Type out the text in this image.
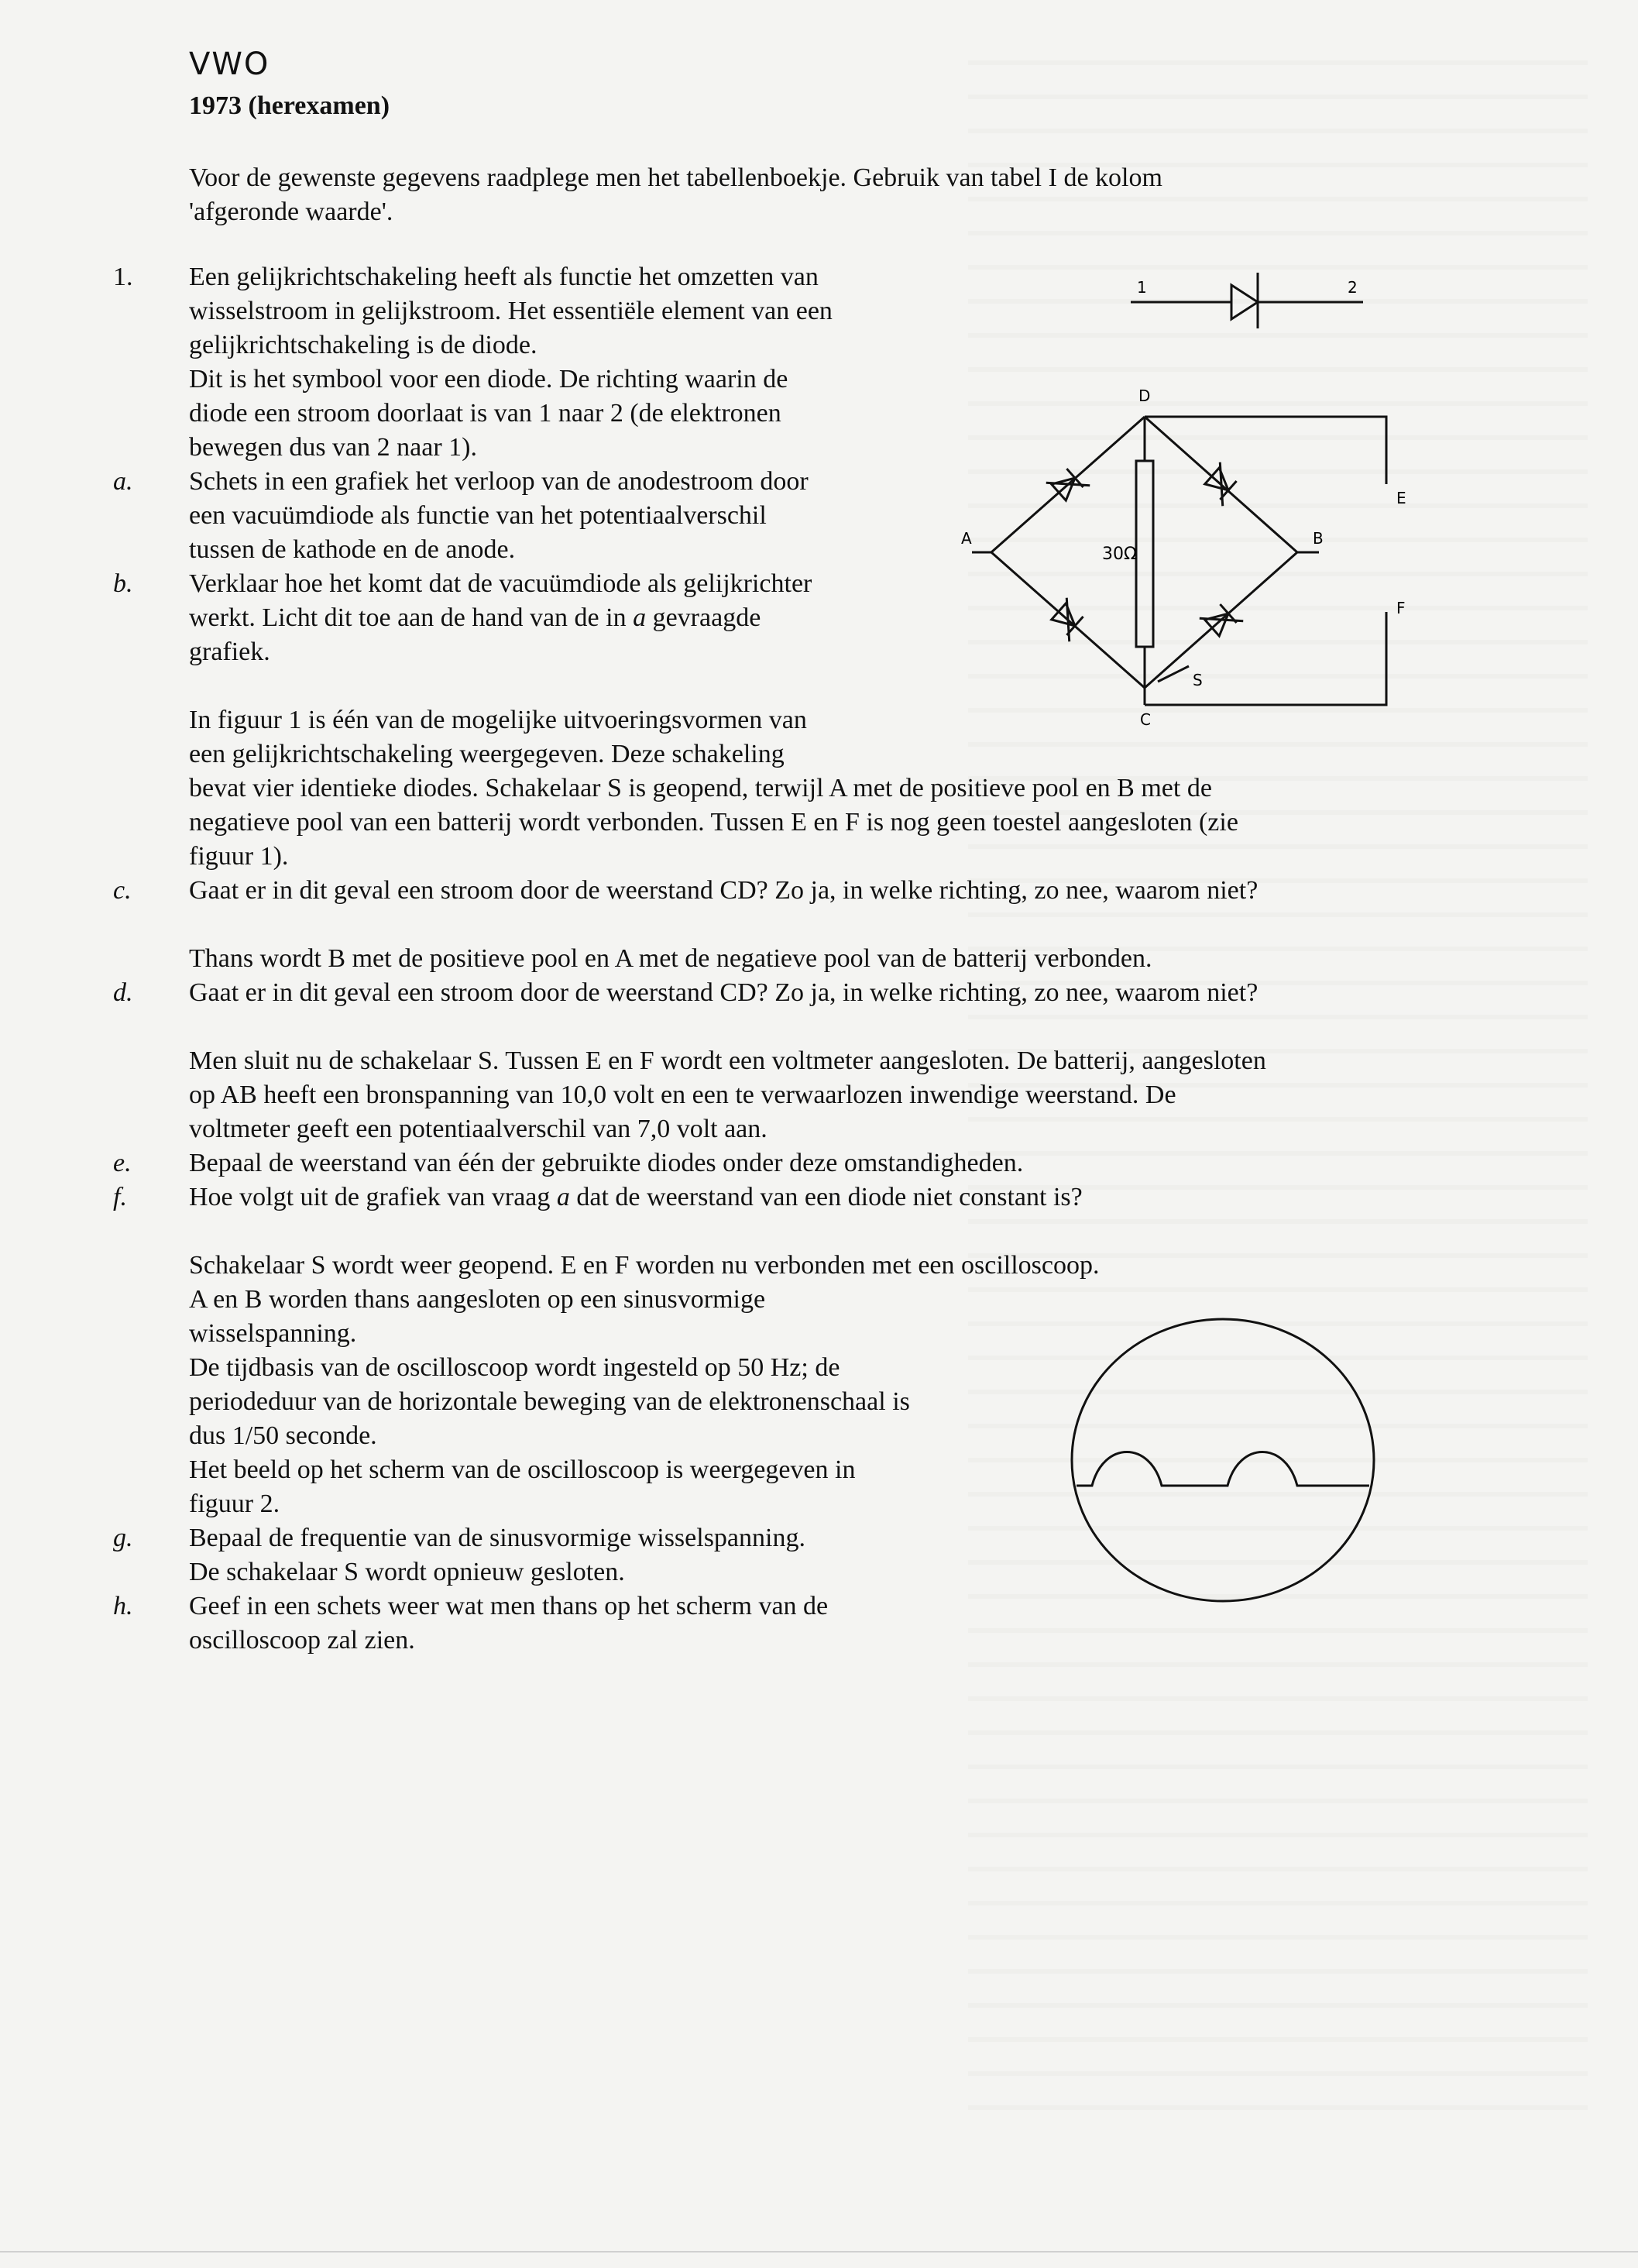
VWO
1973 (herexamen)
Voor de gewenste gegevens raadplege men het tabellenboekje. Gebruik van tabel I de kolom
'afgeronde waarde'.
1. Een gelijkrichtschakeling heeft als functie het omzetten van
wisselstroom in gelijkstroom. Het essentiële element van een
gelijkrichtschakeling is de diode.
Dit is het symbool voor een diode. De richting waarin de
diode een stroom doorlaat is van 1 naar 2 (de elektronen
bewegen dus van 2 naar 1).
a. Schets in een grafiek het verloop van de anodestroom door
een vacuümdiode als functie van het potentiaalverschil
tussen de kathode en de anode.
b. Verklaar hoe het komt dat de vacuümdiode als gelijkrichter
werkt. Licht dit toe aan de hand van de in a gevraagde
grafiek.
In figuur 1 is één van de mogelijke uitvoeringsvormen van
een gelijkrichtschakeling weergegeven. Deze schakeling
bevat vier identieke diodes. Schakelaar S is geopend, terwijl A met de positieve pool en B met de
negatieve pool van een batterij wordt verbonden. Tussen E en F is nog geen toestel aangesloten (zie
figuur 1).
c. Gaat er in dit geval een stroom door de weerstand CD? Zo ja, in welke richting, zo nee, waarom niet?
Thans wordt B met de positieve pool en A met de negatieve pool van de batterij verbonden.
d. Gaat er in dit geval een stroom door de weerstand CD? Zo ja, in welke richting, zo nee, waarom niet?
Men sluit nu de schakelaar S. Tussen E en F wordt een voltmeter aangesloten. De batterij, aangesloten
op AB heeft een bronspanning van 10,0 volt en een te verwaarlozen inwendige weerstand. De
voltmeter geeft een potentiaalverschil van 7,0 volt aan.
e. Bepaal de weerstand van één der gebruikte diodes onder deze omstandigheden.
f. Hoe volgt uit de grafiek van vraag a dat de weerstand van een diode niet constant is?
Schakelaar S wordt weer geopend. E en F worden nu verbonden met een oscilloscoop.
A en B worden thans aangesloten op een sinusvormige
wisselspanning.
De tijdbasis van de oscilloscoop wordt ingesteld op 50 Hz; de
periodeduur van de horizontale beweging van de elektronenschaal is
dus 1/50 seconde.
Het beeld op het scherm van de oscilloscoop is weergegeven in
figuur 2.
g. Bepaal de frequentie van de sinusvormige wisselspanning.
De schakelaar S wordt opnieuw gesloten.
h. Geef in een schets weer wat men thans op het scherm van de
oscilloscoop zal zien.
1	2
D
A	B
C
E
F
S
30Ω
